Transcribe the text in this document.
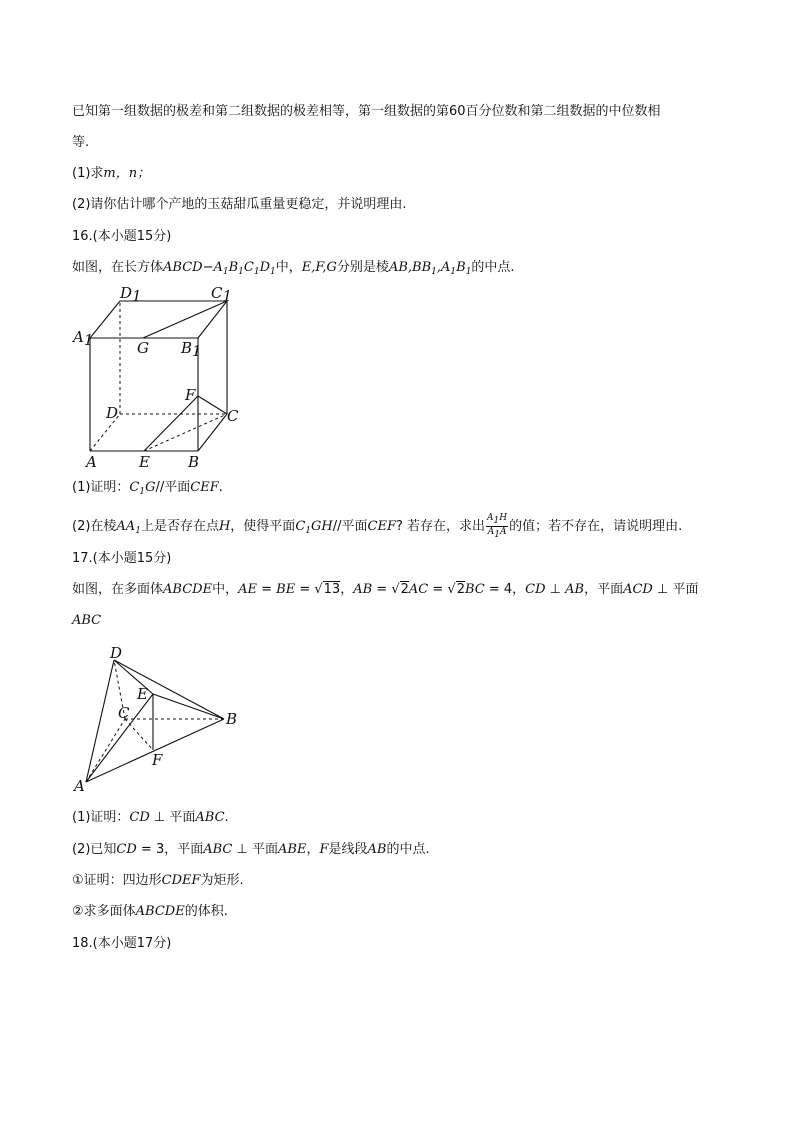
已知第一组数据的极差和第二组数据的极差相等，第一组数据的第60百分位数和第二组数据的中位数相
等.
(1)求m，n；
(2)请你估计哪个产地的玉菇甜瓜重量更稳定，并说明理由.
16.(本小题15分)
如图，在长方体$ABCD-A_1B_1C_1D_1$中，E,F,G分别是棱$AB,BB_1,A_1B_1$的中点.
D1	C1
A1	G B1
F
D	C
A	E	B
(1)证明：$C_1G//$平面CEF.
(2)在棱$AA_1$上是否存在点H，使得平面$C_1GH//$平面CEF? 若存在，求出 $\frac{A_1H}{A_1A}$ 的值；若不存在，请说明理由.
17.(本小题15分)
如图，在多面体ABCDE中，AE = BE = √13，AB = √2AC = √2BC = 4，CD ⊥ AB，平面ACD ⊥ 平面
ABC
D
E
C	B
F
A
(1)证明：CD ⊥ 平面ABC.
(2)已知CD = 3，平面ABC ⊥ 平面ABE，F是线段AB的中点.
①证明：四边形CDEF为矩形.
②求多面体ABCDE的体积.
18.(本小题17分)
